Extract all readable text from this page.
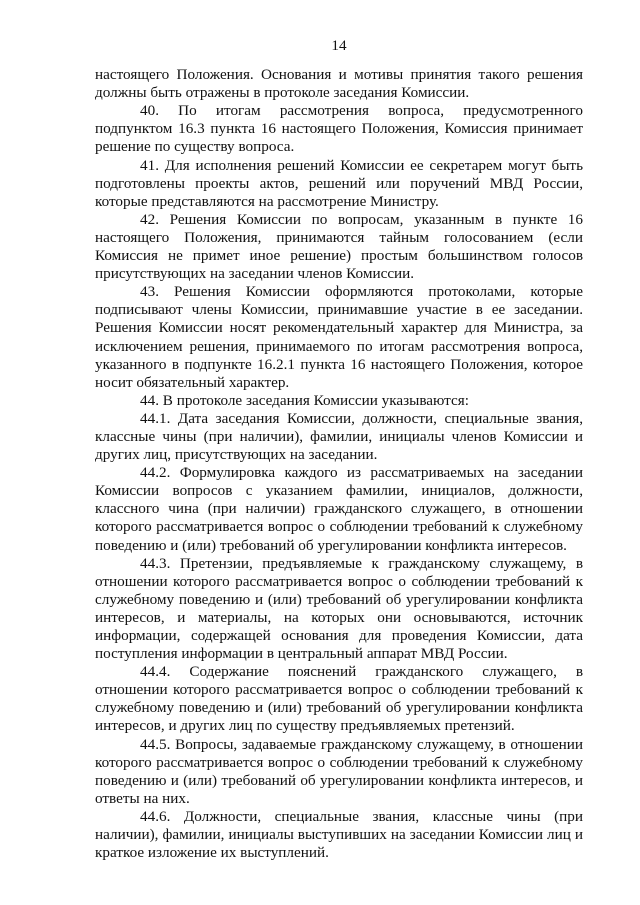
14

настоящего Положения. Основания и мотивы принятия такого решения должны быть отражены в протоколе заседания Комиссии.

40. По итогам рассмотрения вопроса, предусмотренного подпунктом 16.3 пункта 16 настоящего Положения, Комиссия принимает решение по существу вопроса.

41. Для исполнения решений Комиссии ее секретарем могут быть подготовлены проекты актов, решений или поручений МВД России, которые представляются на рассмотрение Министру.

42. Решения Комиссии по вопросам, указанным в пункте 16 настоящего Положения, принимаются тайным голосованием (если Комиссия не примет иное решение) простым большинством голосов присутствующих на заседании членов Комиссии.

43. Решения Комиссии оформляются протоколами, которые подписывают члены Комиссии, принимавшие участие в ее заседании. Решения Комиссии носят рекомендательный характер для Министра, за исключением решения, принимаемого по итогам рассмотрения вопроса, указанного в подпункте 16.2.1 пункта 16 настоящего Положения, которое носит обязательный характер.

44. В протоколе заседания Комиссии указываются:

44.1. Дата заседания Комиссии, должности, специальные звания, классные чины (при наличии), фамилии, инициалы членов Комиссии и других лиц, присутствующих на заседании.

44.2. Формулировка каждого из рассматриваемых на заседании Комиссии вопросов с указанием фамилии, инициалов, должности, классного чина (при наличии) гражданского служащего, в отношении которого рассматривается вопрос о соблюдении требований к служебному поведению и (или) требований об урегулировании конфликта интересов.

44.3. Претензии, предъявляемые к гражданскому служащему, в отношении которого рассматривается вопрос о соблюдении требований к служебному поведению и (или) требований об урегулировании конфликта интересов, и материалы, на которых они основываются, источник информации, содержащей основания для проведения Комиссии, дата поступления информации в центральный аппарат МВД России.

44.4. Содержание пояснений гражданского служащего, в отношении которого рассматривается вопрос о соблюдении требований к служебному поведению и (или) требований об урегулировании конфликта интересов, и других лиц по существу предъявляемых претензий.

44.5. Вопросы, задаваемые гражданскому служащему, в отношении которого рассматривается вопрос о соблюдении требований к служебному поведению и (или) требований об урегулировании конфликта интересов, и ответы на них.

44.6. Должности, специальные звания, классные чины (при наличии), фамилии, инициалы выступивших на заседании Комиссии лиц и краткое изложение их выступлений.
